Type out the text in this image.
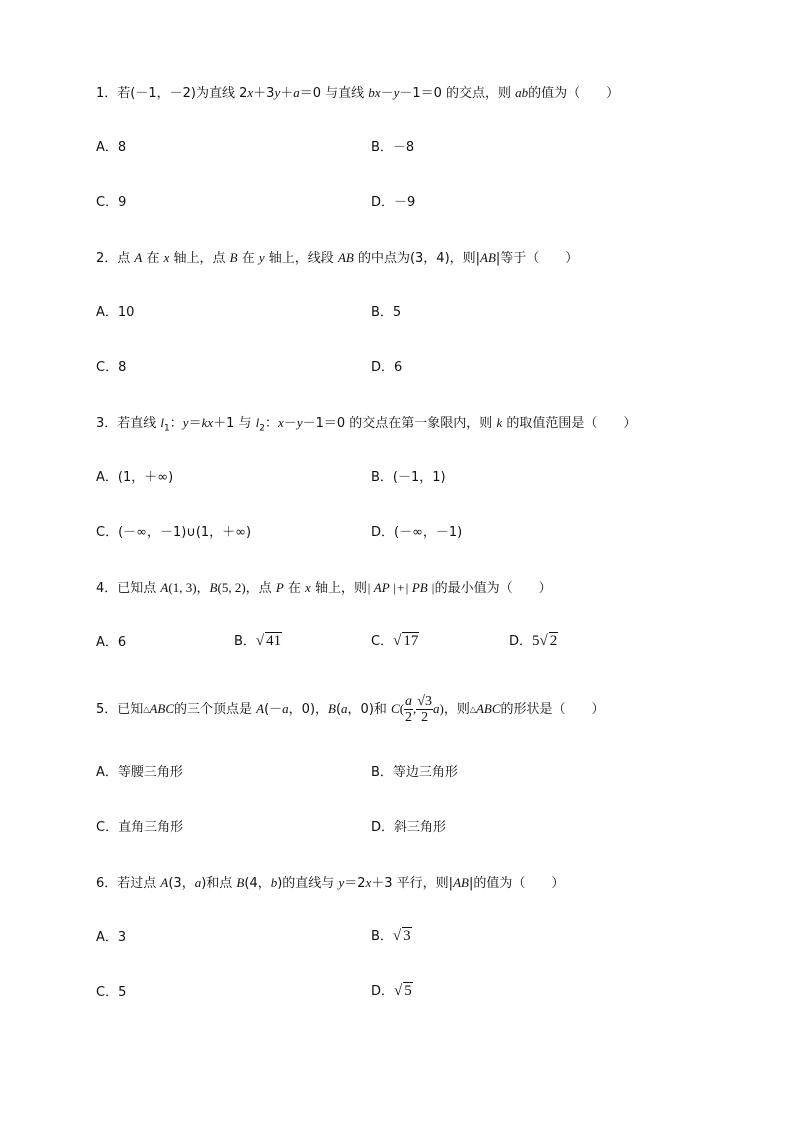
1．若(－1，－2)为直线 2x＋3y＋a＝0 与直线 bx－y－1＝0 的交点，则 ab的值为（　　）
A．8	B．－8
C．9	D．－9
2．点 A 在 x 轴上，点 B 在 y 轴上，线段 AB 的中点为(3，4)，则|AB|等于（　　）
A．10	B．5
C．8	D．6
3．若直线 $l_1$：y＝kx＋1 与 $l_2$：x－y－1＝0 的交点在第一象限内，则 k 的取值范围是（　　）
A．(1，＋∞)	B．(－1，1)
C．(－∞，－1)∪(1，＋∞)	D．(－∞，－1)
4．已知点 A(1, 3)，B(5, 2)，点 P 在 x 轴上，则| AP |+| PB |的最小值为（　　）
A．6	B．√ 41	C．√ 17	D．5√ 2
5．已知△ABC的三个顶点是 A(－a，0)，B(a，0)和 $C( \frac{a}{2}$ , $\frac{√3}{2} a$)，则△ABC的形状是（　　）
A．等腰三角形	B．等边三角形
C．直角三角形	D．斜三角形
6．若过点 A(3，a)和点 B(4，b)的直线与 y＝2x＋3 平行，则|AB|的值为（　　）
A．3	B．√ 3
C．5	D．√ 5
